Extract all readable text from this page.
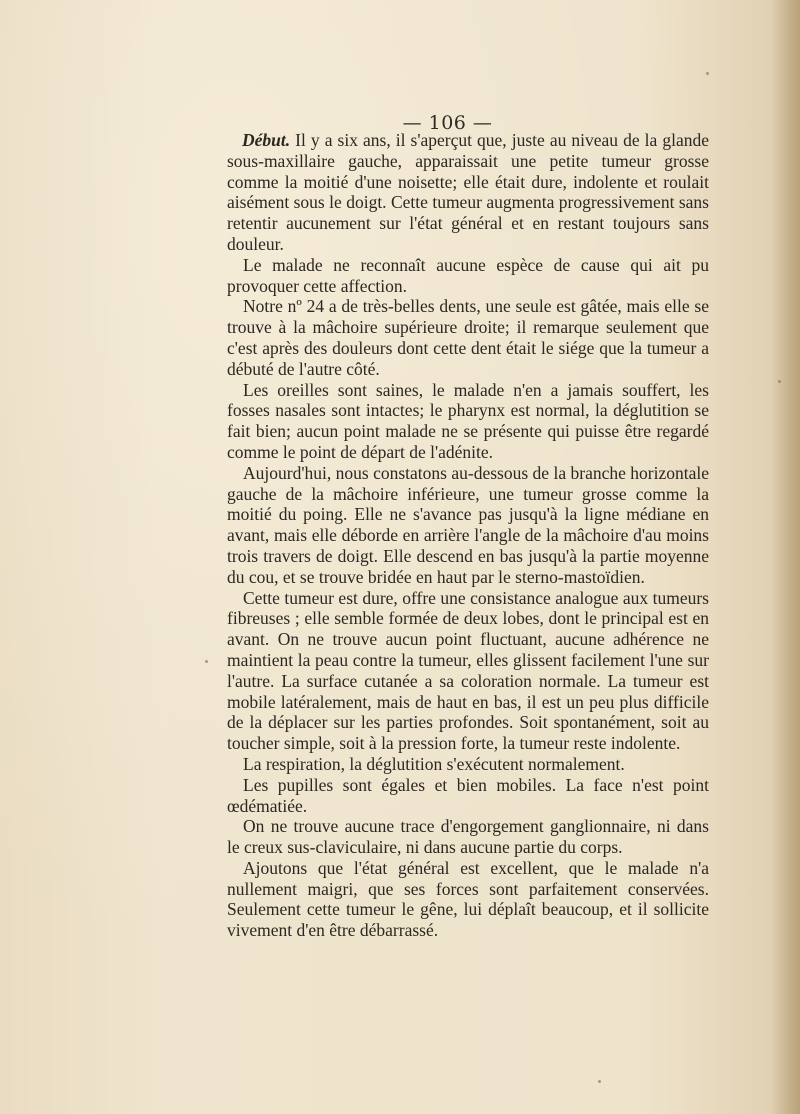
— 106 —

Début. Il y a six ans, il s'aperçut que, juste au niveau de la glande sous-maxillaire gauche, apparaissait une petite tumeur grosse comme la moitié d'une noisette; elle était dure, indolente et roulait aisément sous le doigt. Cette tumeur augmenta progressivement sans retentir aucunement sur l'état général et en restant toujours sans douleur.

Le malade ne reconnaît aucune espèce de cause qui ait pu provoquer cette affection.

Notre nº 24 a de très-belles dents, une seule est gâtée, mais elle se trouve à la mâchoire supérieure droite; il remarque seulement que c'est après des douleurs dont cette dent était le siége que la tumeur a débuté de l'autre côté.

Les oreilles sont saines, le malade n'en a jamais souffert, les fosses nasales sont intactes; le pharynx est normal, la déglutition se fait bien; aucun point malade ne se présente qui puisse être regardé comme le point de départ de l'adénite.

Aujourd'hui, nous constatons au-dessous de la branche horizontale gauche de la mâchoire inférieure, une tumeur grosse comme la moitié du poing. Elle ne s'avance pas jusqu'à la ligne médiane en avant, mais elle déborde en arrière l'angle de la mâchoire d'au moins trois travers de doigt. Elle descend en bas jusqu'à la partie moyenne du cou, et se trouve bridée en haut par le sterno-mastoïdien.

Cette tumeur est dure, offre une consistance analogue aux tumeurs fibreuses ; elle semble formée de deux lobes, dont le principal est en avant. On ne trouve aucun point fluctuant, aucune adhérence ne maintient la peau contre la tumeur, elles glissent facilement l'une sur l'autre. La surface cutanée a sa coloration normale. La tumeur est mobile latéralement, mais de haut en bas, il est un peu plus difficile de la déplacer sur les parties profondes. Soit spontanément, soit au toucher simple, soit à la pression forte, la tumeur reste indolente.

La respiration, la déglutition s'exécutent normalement.

Les pupilles sont égales et bien mobiles. La face n'est point œdématiée.

On ne trouve aucune trace d'engorgement ganglionnaire, ni dans le creux sus-claviculaire, ni dans aucune partie du corps.

Ajoutons que l'état général est excellent, que le malade n'a nullement maigri, que ses forces sont parfaitement conservées. Seulement cette tumeur le gêne, lui déplaît beaucoup, et il sollicite vivement d'en être débarrassé.
